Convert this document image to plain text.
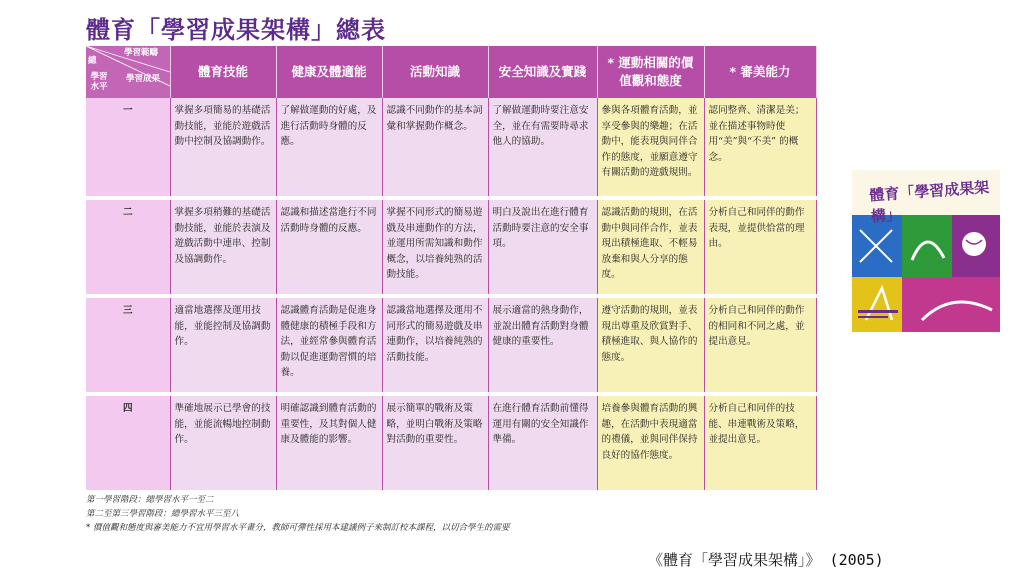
體育「學習成果架構」總表
學習範疇
總
學習成果
學習水平	體育技能	健康及體適能	活動知識	安全知識及實踐	* 運動相關的價值觀和態度	* 審美能力
一	掌握多項簡易的基礎活動技能，並能於遊戲活動中控制及協調動作。	了解做運動的好處，及進行活動時身體的反應。	認識不同動作的基本詞彙和掌握動作概念。	了解做運動時要注意安全，並在有需要時尋求他人的協助。	參與各項體育活動，並享受參與的樂趣；在活動中，能表現與同伴合作的態度，並願意遵守有關活動的遊戲規則。	認同整齊、清潔是美；並在描述事物時使用“美”與“不美” 的概念。

二	掌握多項稍難的基礎活動技能，並能於表演及遊戲活動中連串、控制及協調動作。	認識和描述當進行不同活動時身體的反應。	掌握不同形式的簡易遊戲及串連動作的方法，並運用所需知識和動作概念，以培養純熟的活動技能。	明白及說出在進行體育活動時要注意的安全事項。	認識活動的規則，在活動中與同伴合作，並表現出積極進取、不輕易放棄和與人分享的態度。	分析自己和同伴的動作表現，並提供恰當的理由。

三	適當地選擇及運用技能，並能控制及協調動作。	認識體育活動是促進身體健康的積極手段和方法，並經常參與體育活動以促進運動習慣的培養。	認識當地選擇及運用不同形式的簡易遊戲及串連動作，以培養純熟的活動技能。	展示適當的熱身動作，並說出體育活動對身體健康的重要性。	遵守活動的規則，並表現出尊重及欣賞對手、積極進取、與人協作的態度。	分析自己和同伴的動作的相同和不同之處，並提出意見。

四	準確地展示已學會的技能，並能流暢地控制動作。	明確認識到體育活動的重要性，及其對個人健康及體能的影響。	展示簡單的戰術及策略，並明白戰術及策略對活動的重要性。	在進行體育活動前懂得運用有關的安全知識作準備。	培養參與體育活動的興趣，在活動中表現適當的禮儀，並與同伴保持良好的協作態度。	分析自己和同伴的技能、串連戰術及策略，並提出意見。
第一學習階段：總學習水平一至二
第二至第三學習階段：總學習水平三至八
* 價值觀和態度與審美能力不宜用學習水平畫分，教師可彈性採用本建議例子來制訂校本課程，以切合學生的需要
體育「學習成果架構」
《體育「學習成果架構」》 (2005)
